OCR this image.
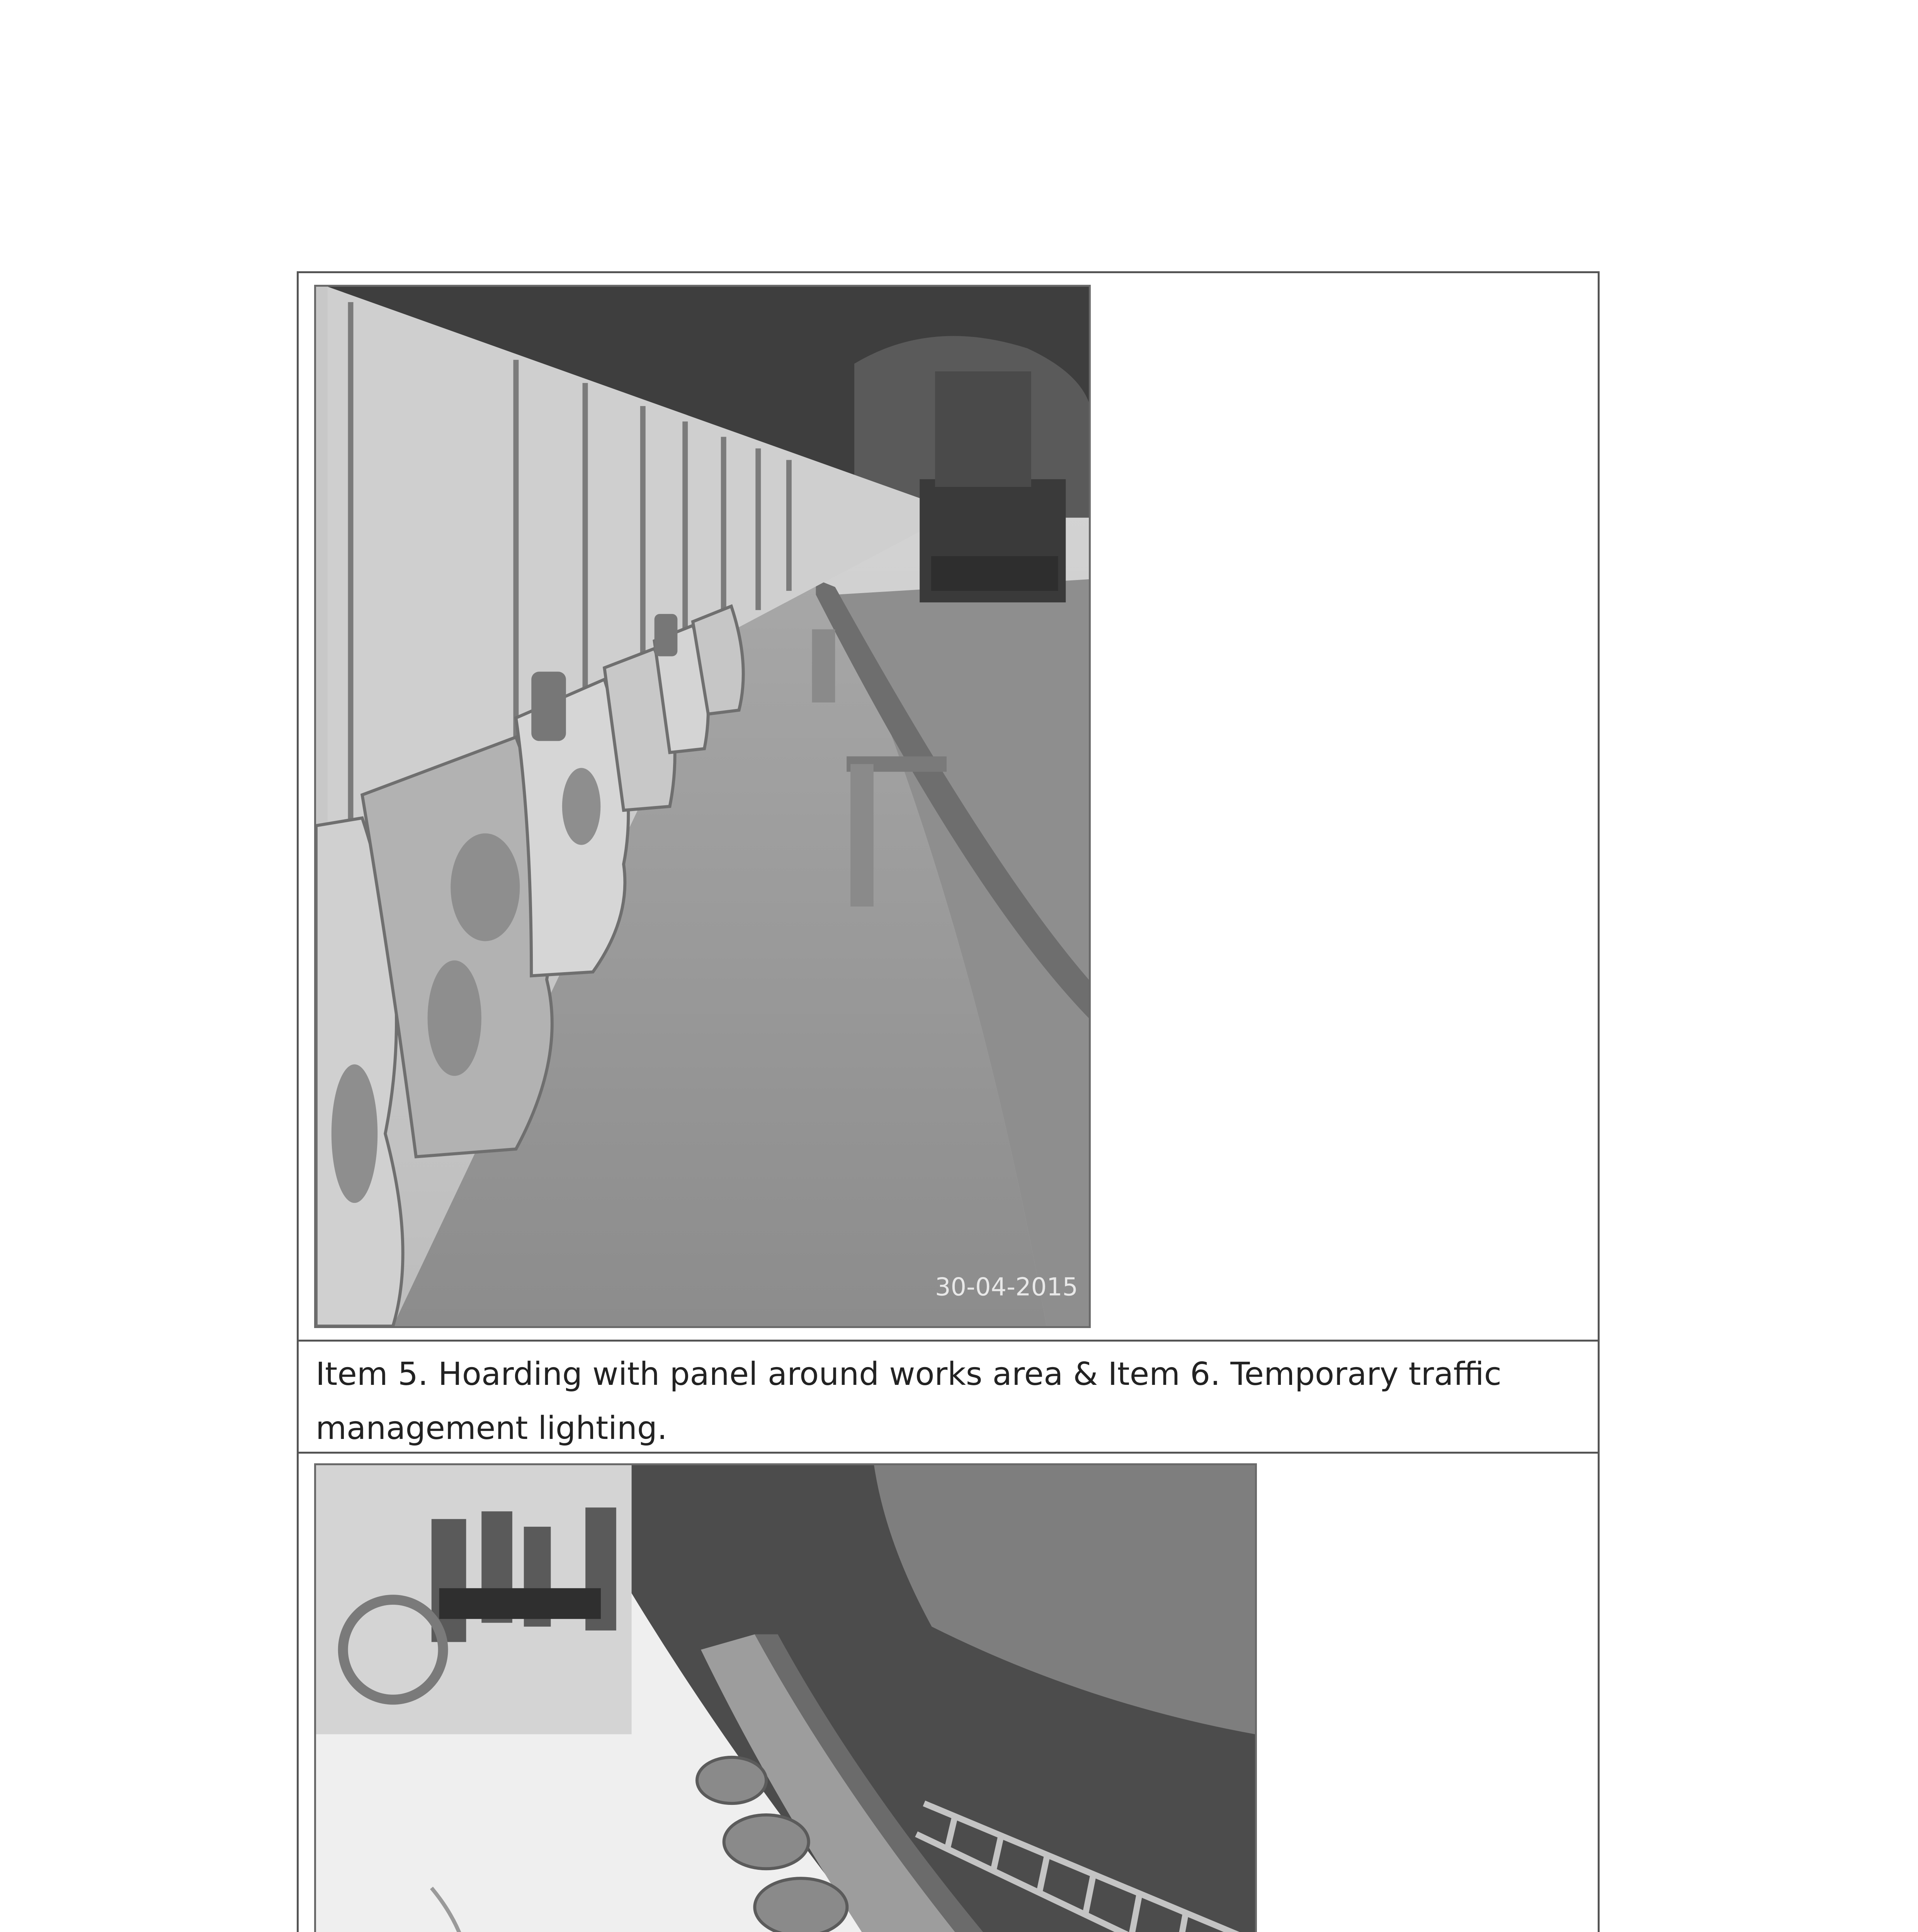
30-04-2015
Item 5. Hoarding with panel around works area & Item 6. Temporary traffic management lighting.
